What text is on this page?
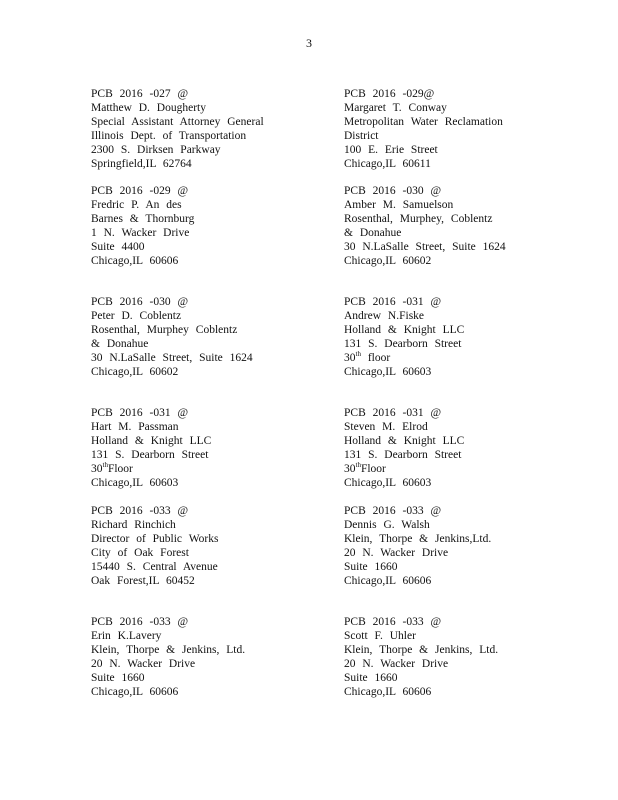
3
PCB 2016 -027 @
Matthew D. Dougherty
Special Assistant Attorney General
Illinois Dept. of Transportation
2300 S. Dirksen Parkway
Springfield,IL 62764
PCB 2016 -029@
Margaret T. Conway
Metropolitan Water Reclamation
District
100 E. Erie Street
Chicago,IL 60611
PCB 2016 -029 @
Fredric P. An des
Barnes & Thornburg
1 N. Wacker Drive
Suite 4400
Chicago,IL 60606
PCB 2016 -030 @
Amber M. Samuelson
Rosenthal, Murphey, Coblentz
& Donahue
30 N.LaSalle Street, Suite 1624
Chicago,IL 60602
PCB 2016 -030 @
Peter D. Coblentz
Rosenthal, Murphey Coblentz
& Donahue
30 N.LaSalle Street, Suite 1624
Chicago,IL 60602
PCB 2016 -031 @
Andrew N.Fiske
Holland & Knight LLC
131 S. Dearborn Street
30th floor
Chicago,IL 60603
PCB 2016 -031 @
Hart M. Passman
Holland & Knight LLC
131 S. Dearborn Street
30thFloor
Chicago,IL 60603
PCB 2016 -031 @
Steven M. Elrod
Holland & Knight LLC
131 S. Dearborn Street
30thFloor
Chicago,IL 60603
PCB 2016 -033 @
Richard Rinchich
Director of Public Works
City of Oak Forest
15440 S. Central Avenue
Oak Forest,IL 60452
PCB 2016 -033 @
Dennis G. Walsh
Klein, Thorpe & Jenkins,Ltd.
20 N. Wacker Drive
Suite 1660
Chicago,IL 60606
PCB 2016 -033 @
Erin K.Lavery
Klein, Thorpe & Jenkins, Ltd.
20 N. Wacker Drive
Suite 1660
Chicago,IL 60606
PCB 2016 -033 @
Scott F. Uhler
Klein, Thorpe & Jenkins, Ltd.
20 N. Wacker Drive
Suite 1660
Chicago,IL 60606
